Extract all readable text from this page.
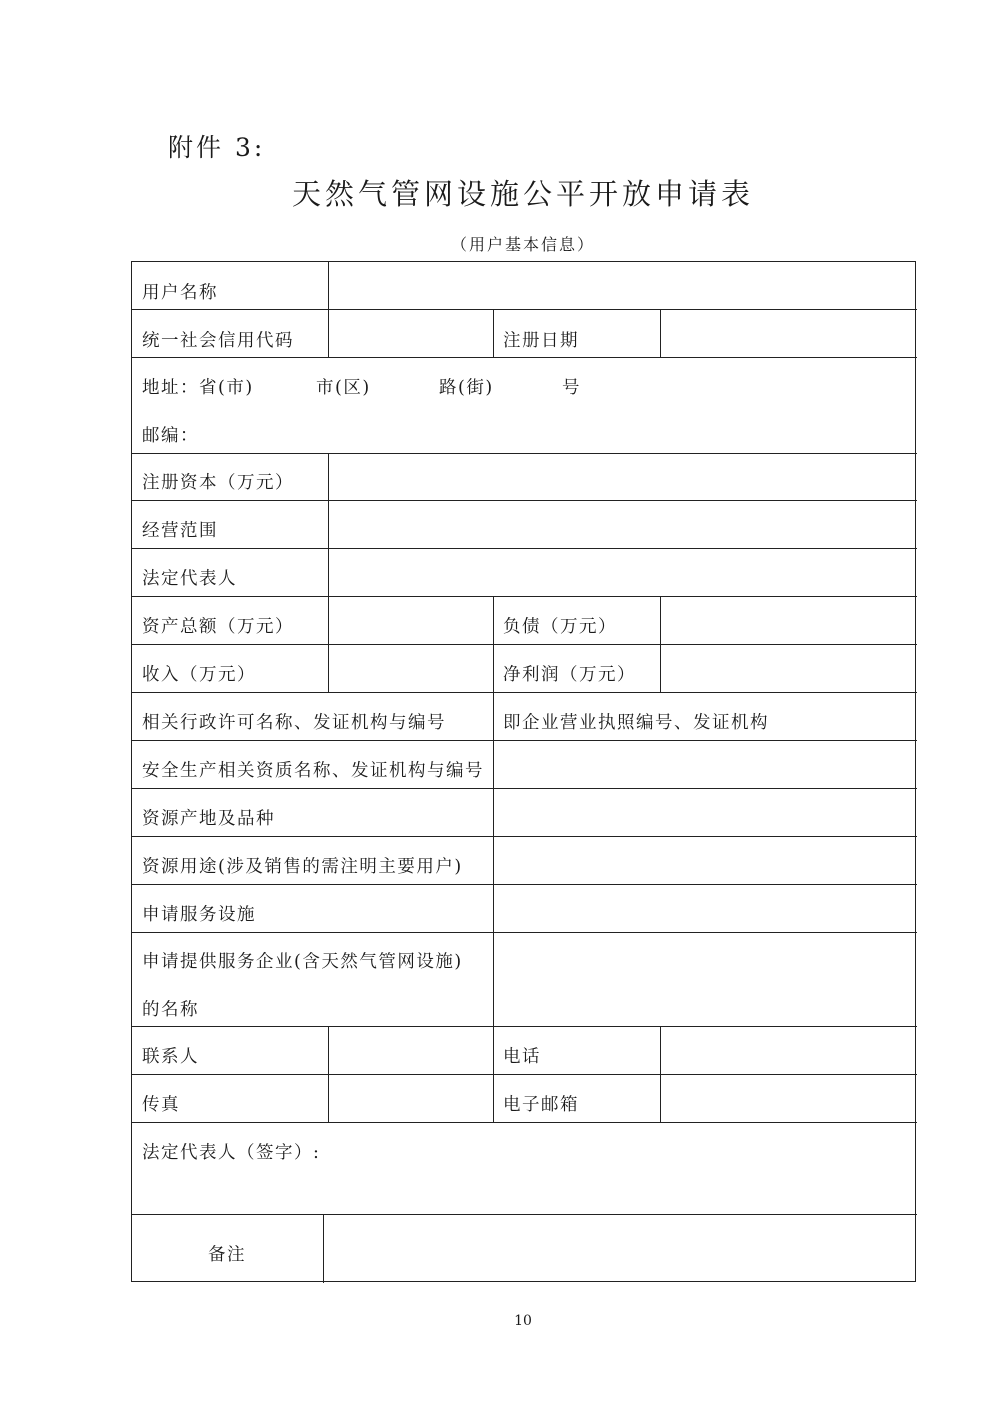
附件 3:
天然气管网设施公平开放申请表
（用户基本信息）
用户名称
统一社会信用代码	注册日期
地址：省(市)	市(区)	路(街)	号
邮编：
注册资本（万元）
经营范围
法定代表人
资产总额（万元）	负债（万元）
收入（万元）	净利润（万元）
相关行政许可名称、发证机构与编号	即企业营业执照编号、发证机构
安全生产相关资质名称、发证机构与编号
资源产地及品种
资源用途(涉及销售的需注明主要用户)
申请服务设施
申请提供服务企业(含天然气管网设施)
的名称
联系人	电话
传真	电子邮箱
法定代表人（签字）:
备注
10
